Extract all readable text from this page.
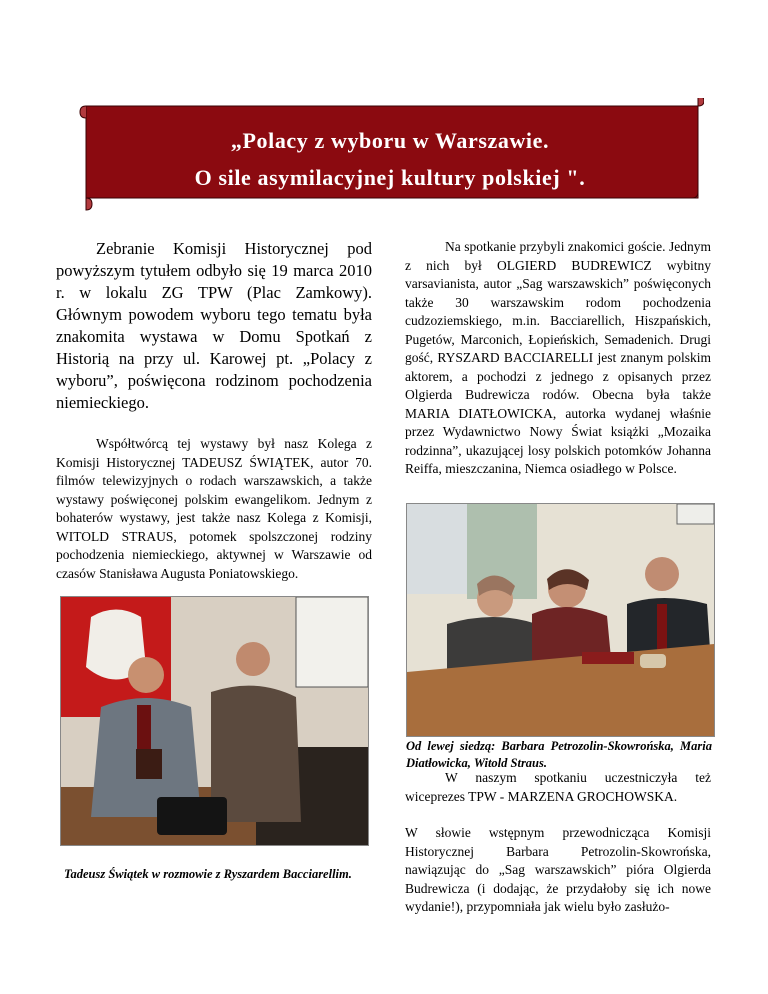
„Polacy z wyboru w Warszawie.
O sile asymilacyjnej kultury polskiej ".

Zebranie Komisji Historycznej pod powyższym tytułem odbyło się 19 marca 2010 r. w lokalu ZG TPW (Plac Zamkowy). Głównym powodem wyboru tego tematu była znakomita wystawa w Domu Spotkań z Historią na przy ul. Karowej pt. „Polacy z wyboru”, poświęcona rodzinom pochodzenia niemieckiego.

Współtwórcą tej wystawy był nasz Kolega z Komisji Historycznej TADEUSZ ŚWIĄTEK, autor 70. filmów telewizyjnych o rodach warszawskich, a także wystawy poświęconej polskim ewangelikom. Jednym z bohaterów wystawy, jest także nasz Kolega z Komisji, WITOLD STRAUS, potomek spolszczonej rodziny pochodzenia niemieckiego, aktywnej w Warszawie od czasów Stanisława Augusta Poniatowskiego.

Tadeusz Świątek w rozmowie z Ryszardem Bacciarellim.

Na spotkanie przybyli znakomici goście. Jednym z nich był OLGIERD BUDREWICZ wybitny varsavianista, autor „Sag warszawskich” poświęconych także 30 warszawskim rodom pochodzenia cudzoziemskiego, m.in. Bacciarellich, Hiszpańskich, Pugetów, Marconich, Łopieńskich, Semadenich. Drugi gość, RYSZARD BACCIARELLI jest znanym polskim aktorem, a pochodzi z jednego z opisanych przez Olgierda Budrewicza rodów. Obecna była także MARIA DIATŁOWICKA, autorka wydanej właśnie przez Wydawnictwo Nowy Świat książki „Mozaika rodzinna”, ukazującej losy polskich potomków Johanna Reiffa, mieszczanina, Niemca osiadłego w Polsce.

Od lewej siedzą: Barbara Petrozolin-Skowrońska, Maria Diatłowicka, Witold Straus.

W naszym spotkaniu uczestniczyła też wiceprezes TPW - MARZENA GROCHOWSKA.

W słowie wstępnym przewodnicząca Komisji Historycznej Barbara Petrozolin-Skowrońska, nawiązując do „Sag warszawskich” pióra Olgierda Budrewicza (i dodając, że przydałoby się ich nowe wydanie!), przypomniała jak wielu było zasłużo-
